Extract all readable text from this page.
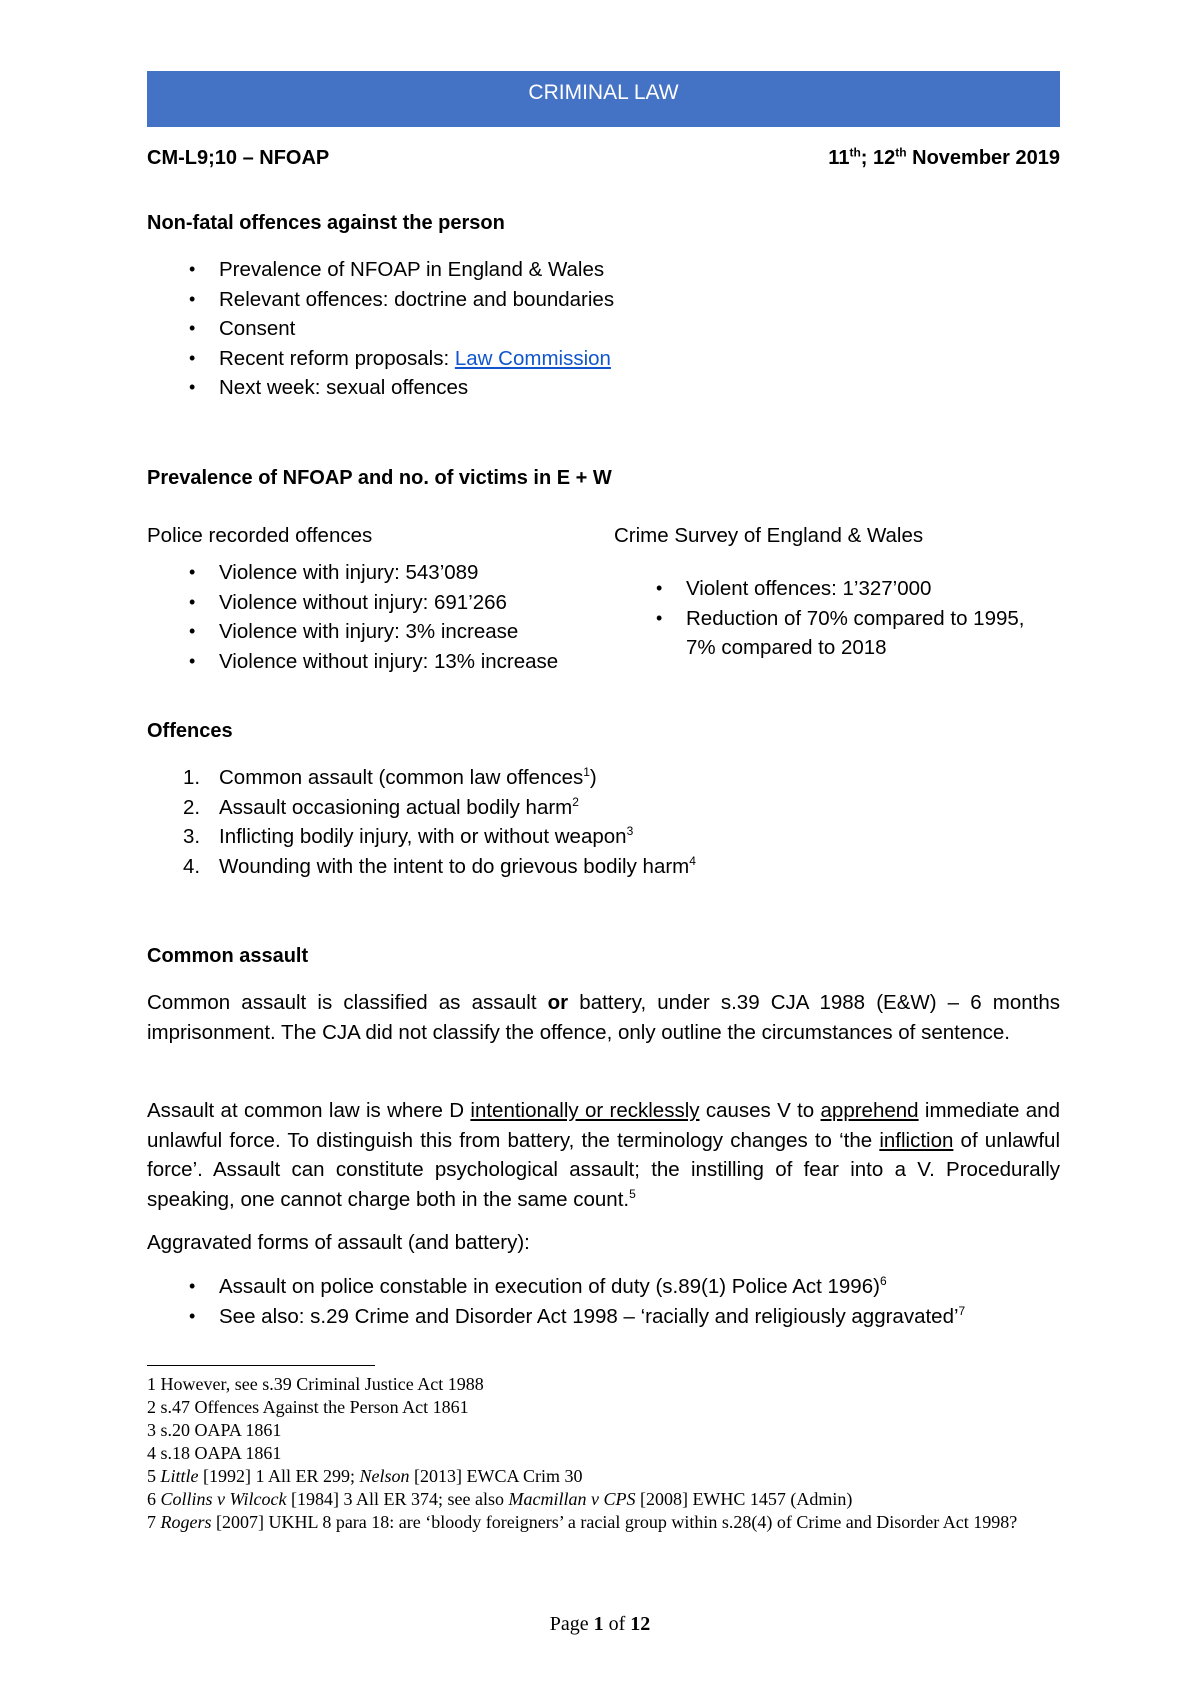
CRIMINAL LAW
CM-L9;10 – NFOAP	11th; 12th November 2019
Non-fatal offences against the person
• Prevalence of NFOAP in England & Wales
• Relevant offences: doctrine and boundaries
• Consent
• Recent reform proposals: Law Commission
• Next week: sexual offences
Prevalence of NFOAP and no. of victims in E + W
Police recorded offences
• Violence with injury: 543’089
• Violence without injury: 691’266
• Violence with injury: 3% increase
• Violence without injury: 13% increase
Crime Survey of England & Wales
• Violent offences: 1’327’000
• Reduction of 70% compared to 1995,
7% compared to 2018
Offences
1. Common assault (common law offences$^1$)
2. Assault occasioning actual bodily harm$^2$
3. Inflicting bodily injury, with or without weapon$^3$
4. Wounding with the intent to do grievous bodily harm$^4$
Common assault
Common assault is classified as assault or battery, under s.39 CJA 1988 (E&W) – 6 months imprisonment. The CJA did not classify the offence, only outline the circumstances of sentence.
Assault at common law is where D intentionally or recklessly causes V to apprehend immediate and unlawful force. To distinguish this from battery, the terminology changes to ‘the infliction of unlawful force’. Assault can constitute psychological assault; the instilling of fear into a V. Procedurally speaking, one cannot charge both in the same count.$^5$
Aggravated forms of assault (and battery):
• Assault on police constable in execution of duty (s.89(1) Police Act 1996)$^6$
• See also: s.29 Crime and Disorder Act 1998 – ‘racially and religiously aggravated’$^7$
1 However, see s.39 Criminal Justice Act 1988
2 s.47 Offences Against the Person Act 1861
3 s.20 OAPA 1861
4 s.18 OAPA 1861
5 Little [1992] 1 All ER 299; Nelson [2013] EWCA Crim 30
6 Collins v Wilcock [1984] 3 All ER 374; see also Macmillan v CPS [2008] EWHC 1457 (Admin)
7 Rogers [2007] UKHL 8 para 18: are ‘bloody foreigners’ a racial group within s.28(4) of Crime and Disorder Act 1998?
Page 1 of 12
